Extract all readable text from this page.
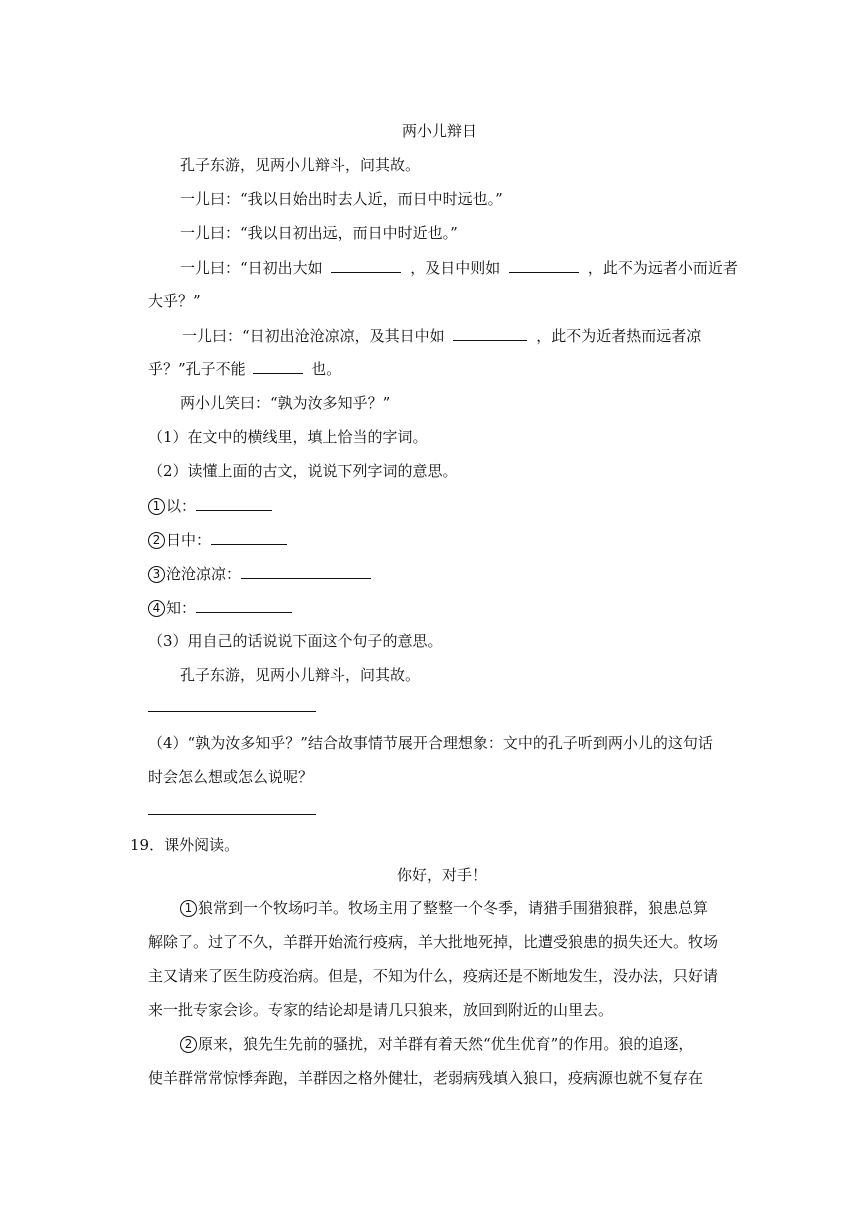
两小儿辩日
孔子东游，见两小儿辩斗，问其故。
一儿曰：“我以日始出时去人近，而日中时远也。”
一儿曰：“我以日初出远，而日中时近也。”
一儿曰：“日初出大如	，及日中则如	，此不为远者小而近者
大乎？”
一儿曰：“日初出沧沧凉凉，及其日中如	，此不为近者热而远者凉
乎？”孔子不能	也。
两小儿笑曰：“孰为汝多知乎？”
（1）在文中的横线里，填上恰当的字词。
（2）读懂上面的古文，说说下列字词的意思。
1 以：
2 日中：
3 沧沧凉凉：
4 知：
（3）用自己的话说说下面这个句子的意思。
孔子东游，见两小儿辩斗，问其故。
（4）“孰为汝多知乎？”结合故事情节展开合理想象：文中的孔子听到两小儿的这句话
时会怎么想或怎么说呢？
19．课外阅读。
你好，对手！
1 狼常到一个牧场叼羊。牧场主用了整整一个冬季，请猎手围猎狼群，狼患总算
解除了。过了不久，羊群开始流行疫病，羊大批地死掉，比遭受狼患的损失还大。牧场
主又请来了医生防疫治病。但是，不知为什么，疫病还是不断地发生，没办法，只好请
来一批专家会诊。专家的结论却是请几只狼来，放回到附近的山里去。
2 原来，狼先生先前的骚扰，对羊群有着天然“优生优育”的作用。狼的追逐，
使羊群常常惊悸奔跑，羊群因之格外健壮，老弱病残填入狼口，疫病源也就不复存在
